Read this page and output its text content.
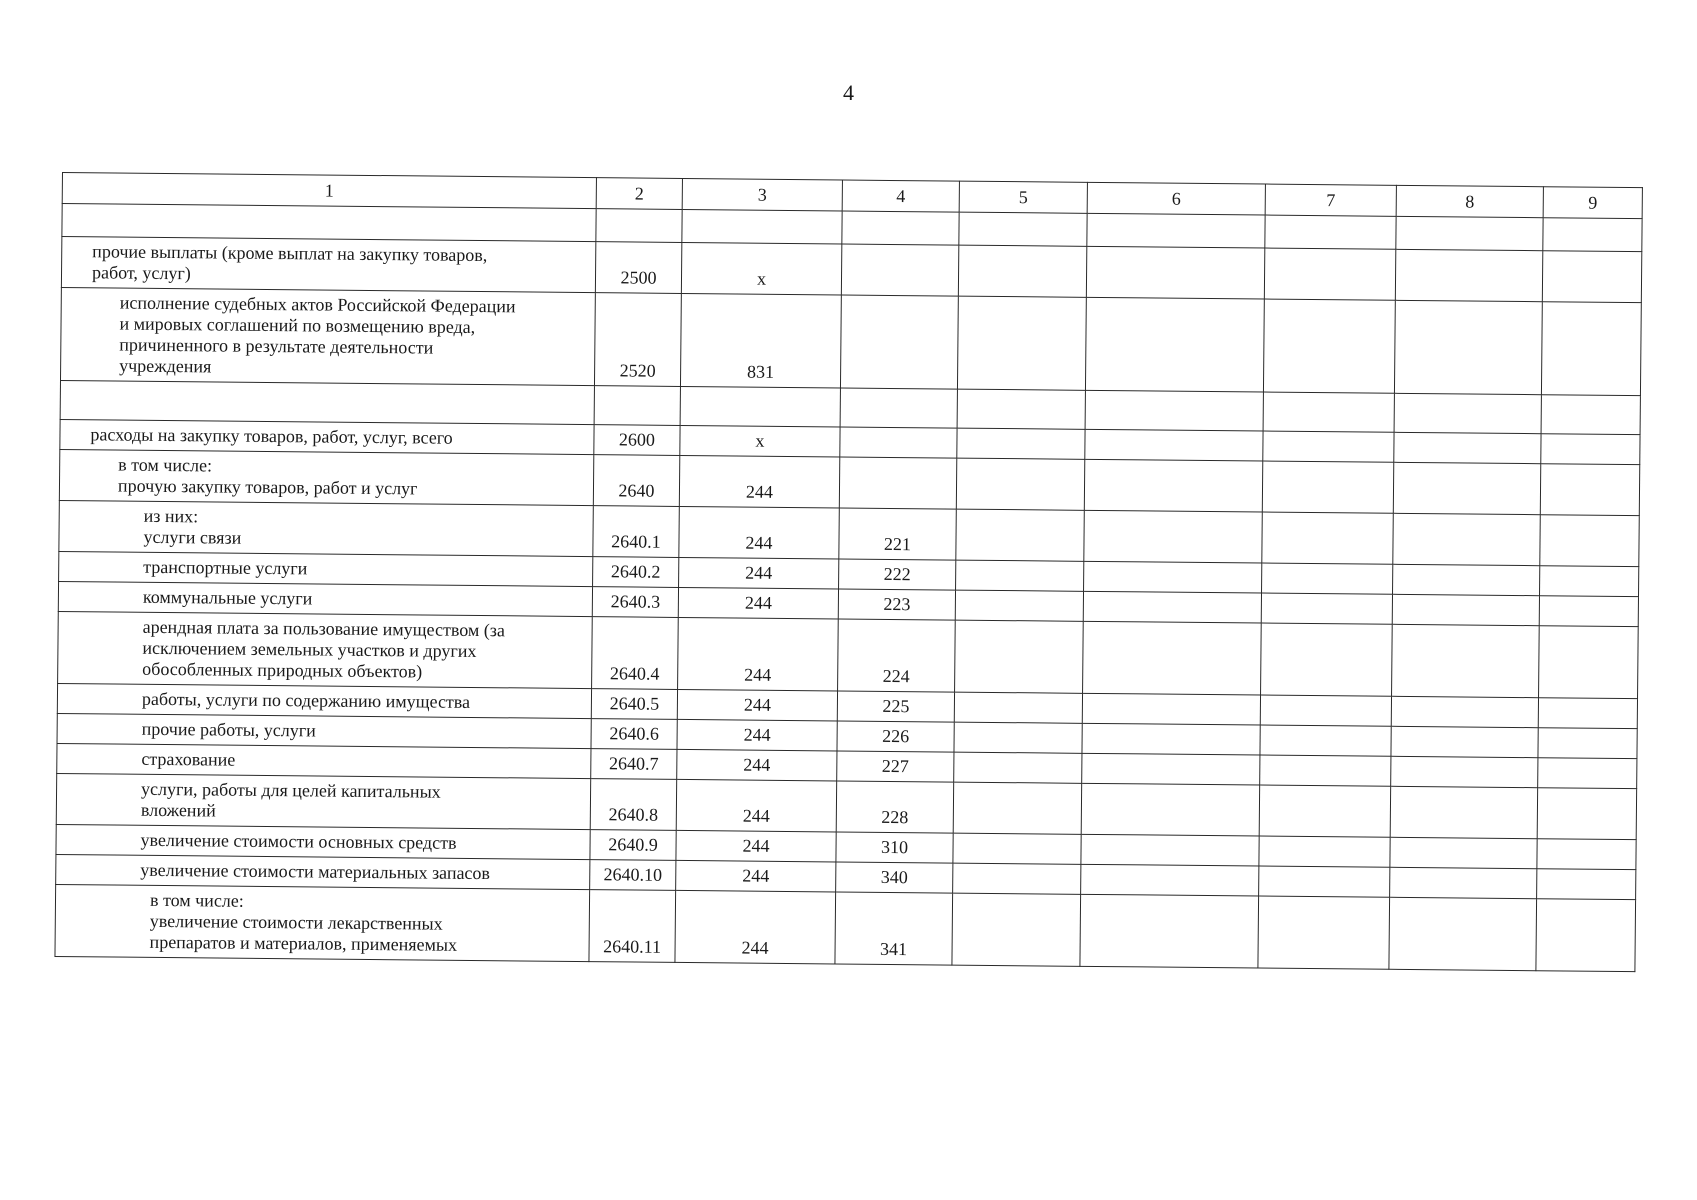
4
1	2	3	4	5	6	7	8	9

прочие выплаты (кроме выплат на закупку товаров,
работ, услуг)	2500	х						

исполнение судебных актов Российской Федерации
и мировых соглашений по возмещению вреда,
причиненного в результате деятельности
учреждения	2520	831						

расходы на закупку товаров, работ, услуг, всего	2600	х						

в том числе:
прочую закупку товаров, работ и услуг	2640	244						

из них:
услуги связи	2640.1	244	221					

транспортные услуги	2640.2	244	222					

коммунальные услуги	2640.3	244	223					

арендная плата за пользование имуществом (за
исключением земельных участков и других
обособленных природных объектов)	2640.4	244	224					

работы, услуги по содержанию имущества	2640.5	244	225					

прочие работы, услуги	2640.6	244	226					

страхование	2640.7	244	227					

услуги, работы для целей капитальных
вложений	2640.8	244	228					

увеличение стоимости основных средств	2640.9	244	310					

увеличение стоимости материальных запасов	2640.10	244	340					

в том числе:
увеличение стоимости лекарственных
препаратов и материалов, применяемых	2640.11	244	341					
